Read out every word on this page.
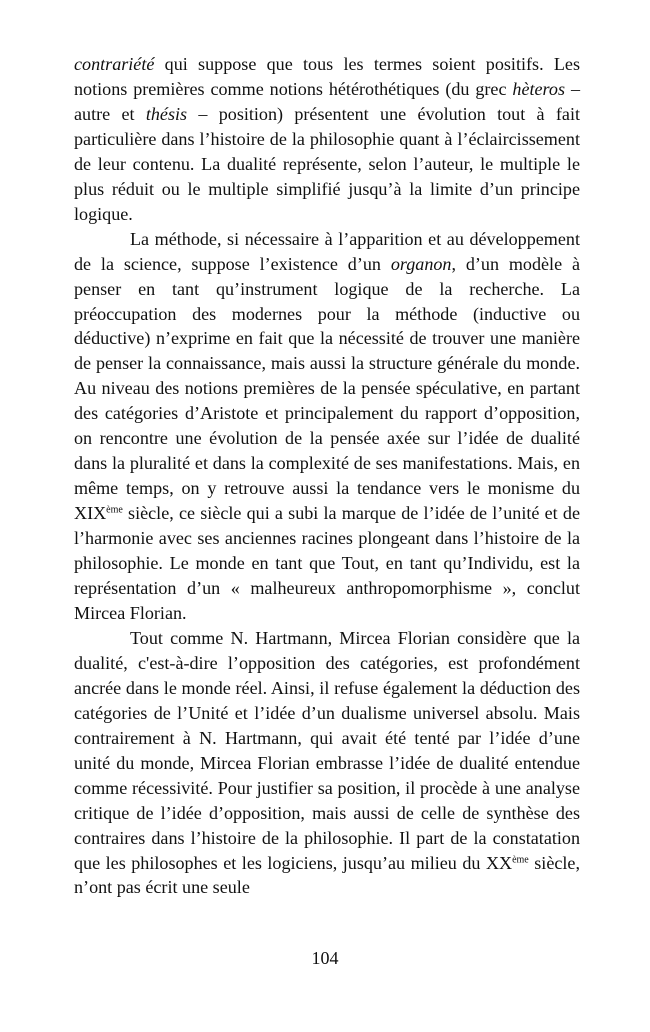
contrariété qui suppose que tous les termes soient positifs. Les notions premières comme notions hétérothétiques (du grec hèteros – autre et thésis – position) présentent une évolution tout à fait particulière dans l’histoire de la philosophie quant à l’éclaircissement de leur contenu. La dualité représente, selon l’auteur, le multiple le plus réduit ou le multiple simplifié jusqu’à la limite d’un principe logique.

La méthode, si nécessaire à l’apparition et au développement de la science, suppose l’existence d’un organon, d’un modèle à penser en tant qu’instrument logique de la recherche. La préoccupation des modernes pour la méthode (inductive ou déductive) n’exprime en fait que la nécessité de trouver une manière de penser la connaissance, mais aussi la structure générale du monde. Au niveau des notions premières de la pensée spéculative, en partant des catégories d’Aristote et principalement du rapport d’opposition, on rencontre une évolution de la pensée axée sur l’idée de dualité dans la pluralité et dans la complexité de ses manifestations. Mais, en même temps, on y retrouve aussi la tendance vers le monisme du XIXème siècle, ce siècle qui a subi la marque de l’idée de l’unité et de l’harmonie avec ses anciennes racines plongeant dans l’histoire de la philosophie. Le monde en tant que Tout, en tant qu’Individu, est la représentation d’un « malheureux anthropomorphisme », conclut Mircea Florian.

Tout comme N. Hartmann, Mircea Florian considère que la dualité, c'est-à-dire l’opposition des catégories, est profondément ancrée dans le monde réel. Ainsi, il refuse également la déduction des catégories de l’Unité et l’idée d’un dualisme universel absolu. Mais contrairement à N. Hartmann, qui avait été tenté par l’idée d’une unité du monde, Mircea Florian embrasse l’idée de dualité entendue comme récessivité. Pour justifier sa position, il procède à une analyse critique de l’idée d’opposition, mais aussi de celle de synthèse des contraires dans l’histoire de la philosophie. Il part de la constatation que les philosophes et les logiciens, jusqu’au milieu du XXème siècle, n’ont pas écrit une seule

104
